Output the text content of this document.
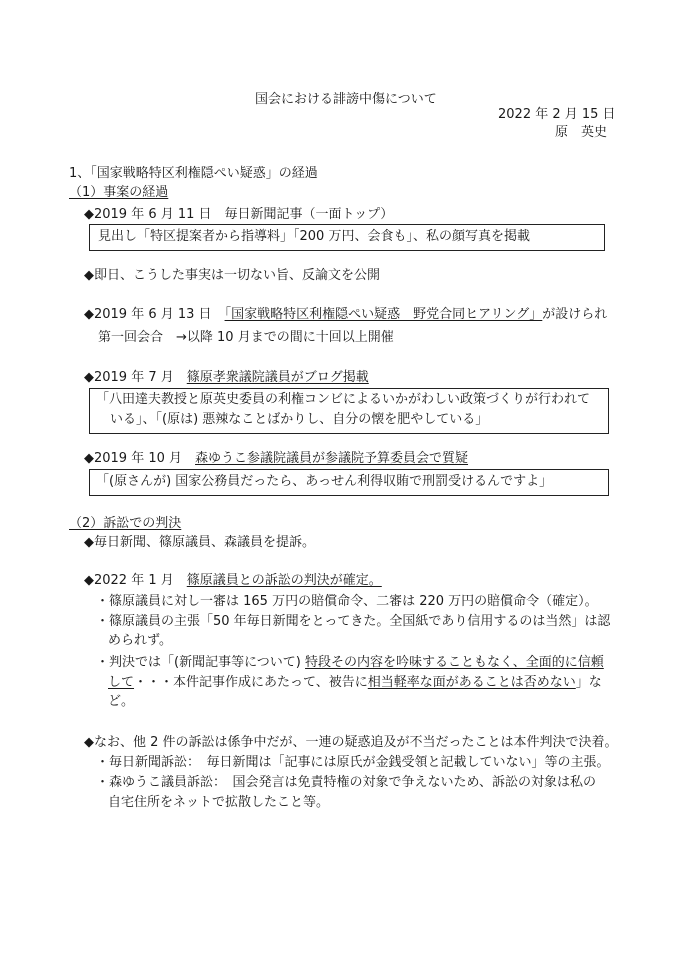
国会における誹謗中傷について
2022 年 2 月 15 日
原　英史
1、「国家戦略特区利権隠ぺい疑惑」の経過
（1）事案の経過
◆2019 年 6 月 11 日　毎日新聞記事（一面トップ）
見出し「特区提案者から指導料」「200 万円、会食も」、私の顔写真を掲載
◆即日、こうした事実は一切ない旨、反論文を公開
◆2019 年 6 月 13 日　「国家戦略特区利権隠ぺい疑惑　野党合同ヒアリング」が設けられ
第一回会合　→以降 10 月までの間に十回以上開催
◆2019 年 7 月　篠原孝衆議院議員がブログ掲載
「八田達夫教授と原英史委員の利権コンビによるいかがわしい政策づくりが行われて
いる」、「(原は) 悪辣なことばかりし、自分の懐を肥やしている」
◆2019 年 10 月　森ゆうこ参議院議員が参議院予算委員会で質疑
「(原さんが) 国家公務員だったら、あっせん利得収賄で刑罰受けるんですよ」
（2）訴訟での判決
◆毎日新聞、篠原議員、森議員を提訴。
◆2022 年 1 月　篠原議員との訴訟の判決が確定。
・篠原議員に対し一審は 165 万円の賠償命令、二審は 220 万円の賠償命令（確定）。
・篠原議員の主張「50 年毎日新聞をとってきた。全国紙であり信用するのは当然」は認
められず。
・判決では「(新聞記事等について) 特段その内容を吟味することもなく、全面的に信頼
して・・・本件記事作成にあたって、被告に相当軽率な面があることは否めない」な
ど。
◆なお、他 2 件の訴訟は係争中だが、一連の疑惑追及が不当だったことは本件判決で決着。
・毎日新聞訴訟：　毎日新聞は「記事には原氏が金銭受領と記載していない」等の主張。
・森ゆうこ議員訴訟：　国会発言は免責特権の対象で争えないため、訴訟の対象は私の
自宅住所をネットで拡散したこと等。
